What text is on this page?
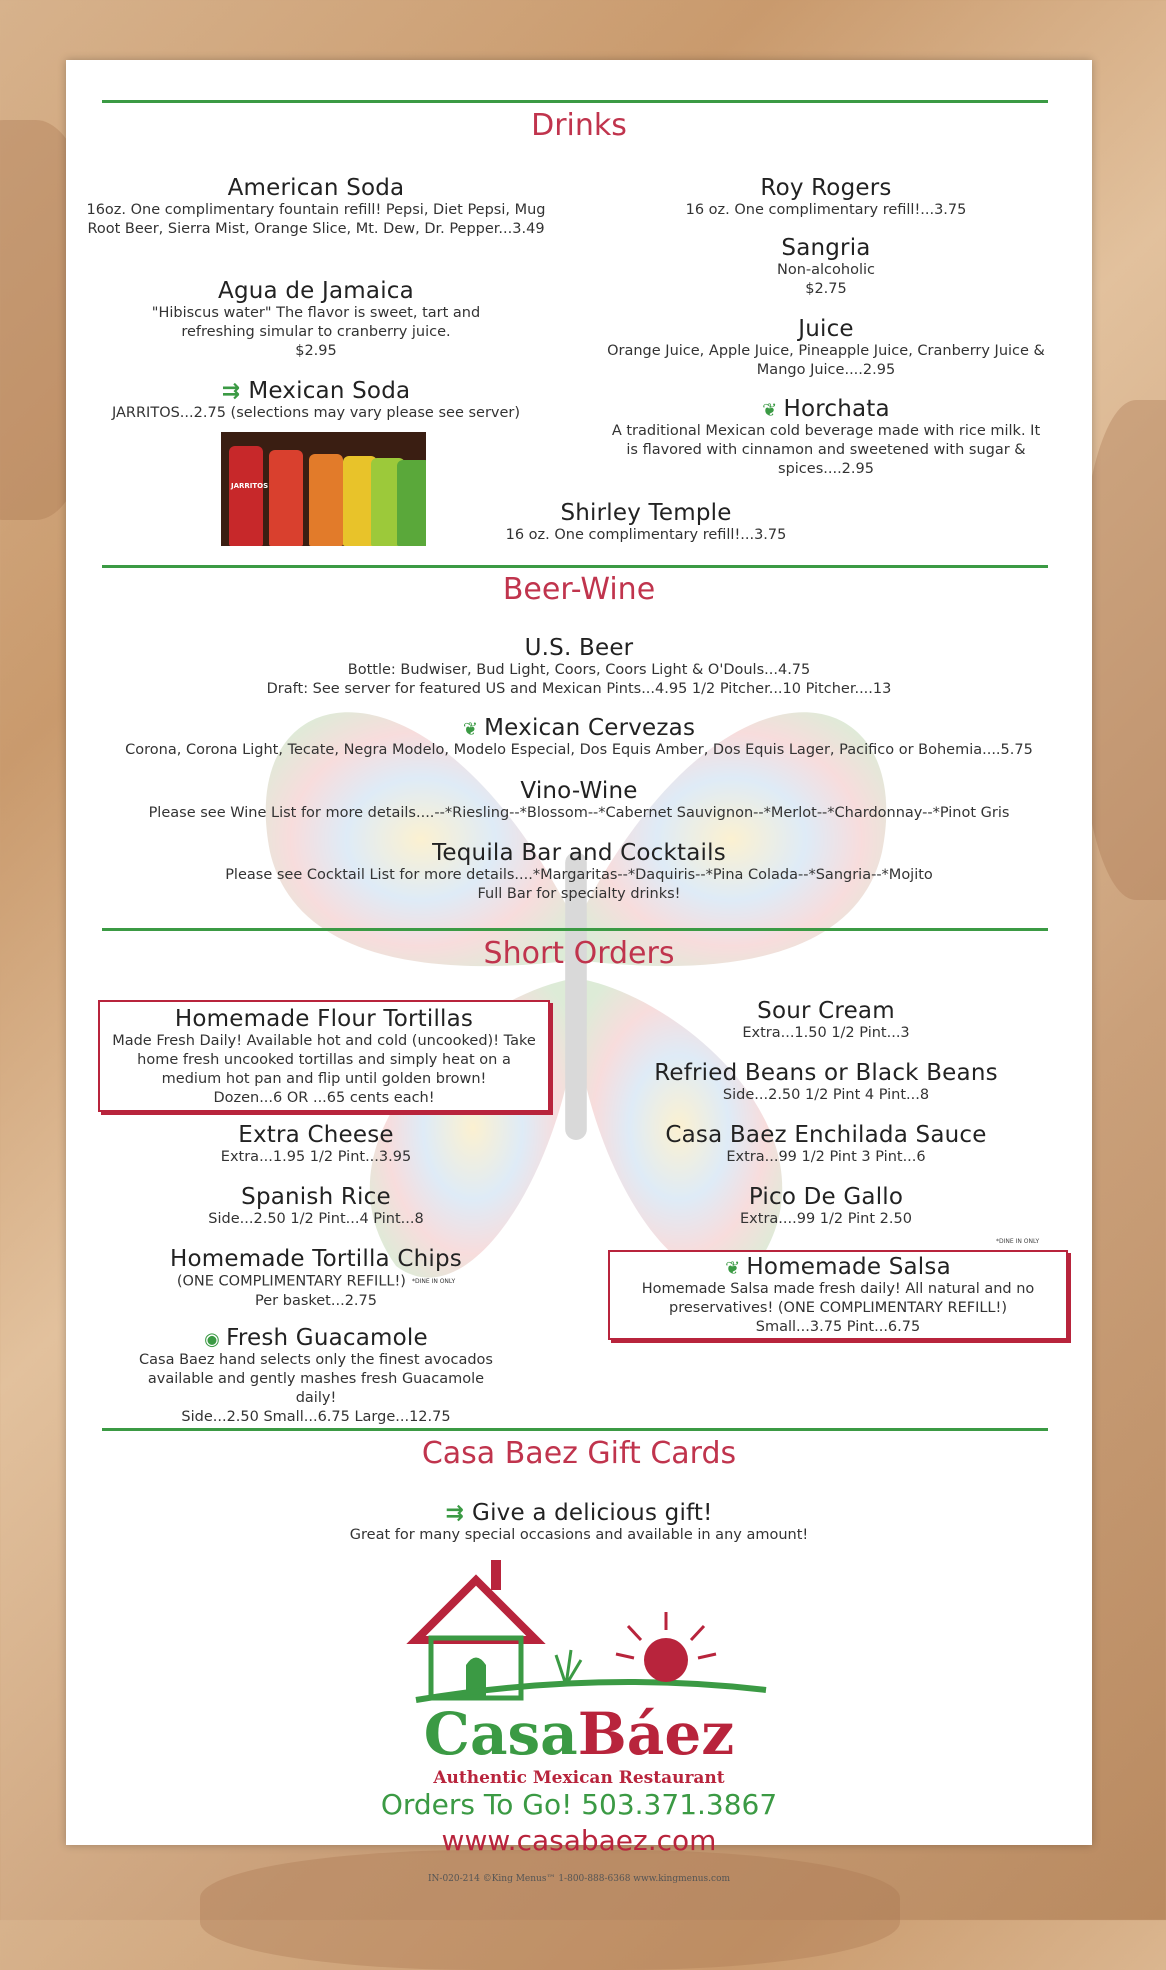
Drinks
American Soda
16oz. One complimentary fountain refill! Pepsi, Diet Pepsi, Mug Root Beer, Sierra Mist, Orange Slice, Mt. Dew, Dr. Pepper...3.49
Agua de Jamaica
"Hibiscus water" The flavor is sweet, tart and refreshing simular to cranberry juice.
$2.95
⇉ Mexican Soda
JARRITOS...2.75 (selections may vary please see server)
JARRITOS
Roy Rogers
16 oz. One complimentary refill!...3.75
Sangria
Non-alcoholic
$2.75
Juice
Orange Juice, Apple Juice, Pineapple Juice, Cranberry Juice & Mango Juice....2.95
❦ Horchata
A traditional Mexican cold beverage made with rice milk. It is flavored with cinnamon and sweetened with sugar & spices....2.95
Shirley Temple
16 oz. One complimentary refill!...3.75
Beer-Wine
U.S. Beer
Bottle: Budwiser, Bud Light, Coors, Coors Light & O'Douls...4.75
Draft: See server for featured US and Mexican Pints...4.95 1/2 Pitcher...10 Pitcher....13
❦ Mexican Cervezas
Corona, Corona Light, Tecate, Negra Modelo, Modelo Especial, Dos Equis Amber, Dos Equis Lager, Pacifico or Bohemia....5.75
Vino-Wine
Please see Wine List for more details....--*Riesling--*Blossom--*Cabernet Sauvignon--*Merlot--*Chardonnay--*Pinot Gris
Tequila Bar and Cocktails
Please see Cocktail List for more details....*Margaritas--*Daquiris--*Pina Colada--*Sangria--*Mojito
Full Bar for specialty drinks!
Short Orders
Homemade Flour Tortillas
Made Fresh Daily! Available hot and cold (uncooked)! Take home fresh uncooked tortillas and simply heat on a medium hot pan and flip until golden brown!
Dozen...6 OR ...65 cents each!
Extra Cheese
Extra...1.95 1/2 Pint...3.95
Spanish Rice
Side...2.50 1/2 Pint...4 Pint...8
Homemade Tortilla Chips
(ONE COMPLIMENTARY REFILL!) *DINE IN ONLY
Per basket...2.75
◉ Fresh Guacamole
Casa Baez hand selects only the finest avocados available and gently mashes fresh Guacamole daily!
Side...2.50 Small...6.75 Large...12.75
Sour Cream
Extra...1.50 1/2 Pint...3
Refried Beans or Black Beans
Side...2.50 1/2 Pint 4 Pint...8
Casa Baez Enchilada Sauce
Extra...99 1/2 Pint 3 Pint...6
Pico De Gallo
Extra....99 1/2 Pint 2.50
*DINE IN ONLY
❦ Homemade Salsa
Homemade Salsa made fresh daily! All natural and no preservatives! (ONE COMPLIMENTARY REFILL!)
Small...3.75 Pint...6.75
Casa Baez Gift Cards
⇉ Give a delicious gift!
Great for many special occasions and available in any amount!
CasaBáez
Authentic Mexican Restaurant
Orders To Go! 503.371.3867
www.casabaez.com
IN-020-214 ©King Menus™ 1-800-888-6368 www.kingmenus.com
